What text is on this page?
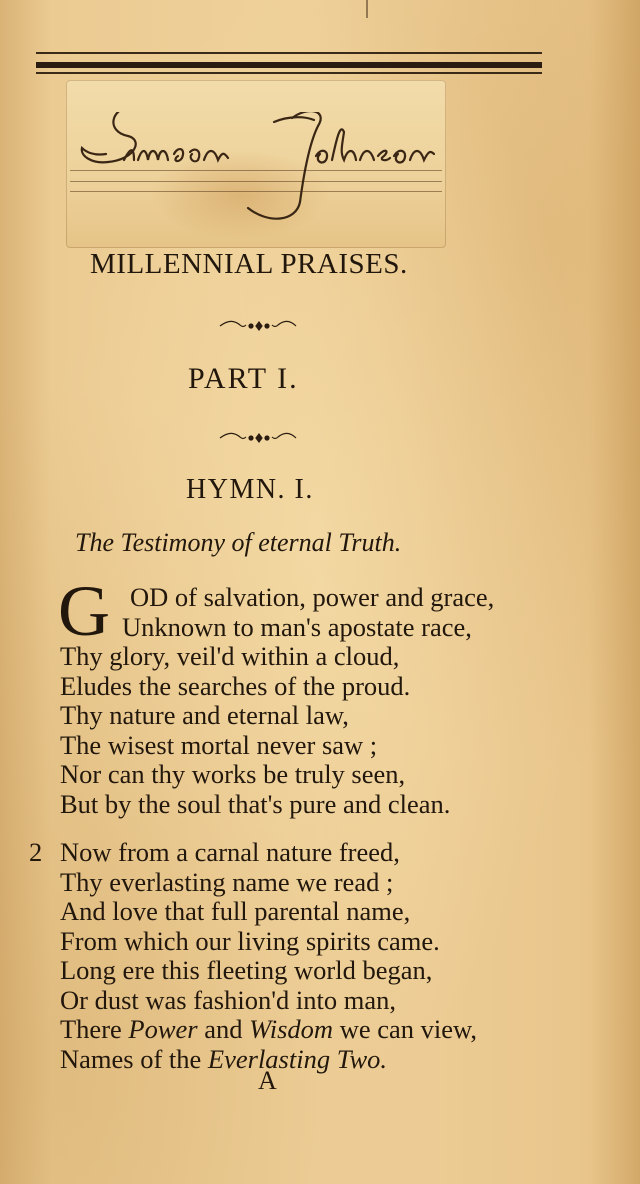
MILLENNIAL PRAISES.
PART I.
HYMN. I.
The Testimony of eternal Truth.
G OD of salvation, power and grace,
Unknown to man's apostate race,
Thy glory, veil'd within a cloud,
Eludes the searches of the proud.
Thy nature and eternal law,
The wisest mortal never saw ;
Nor can thy works be truly seen,
But by the soul that's pure and clean.
2 Now from a carnal nature freed,
Thy everlasting name we read ;
And love that full parental name,
From which our living spirits came.
Long ere this fleeting world began,
Or dust was fashion'd into man,
There Power and Wisdom we can view,
Names of the Everlasting Two.
A
